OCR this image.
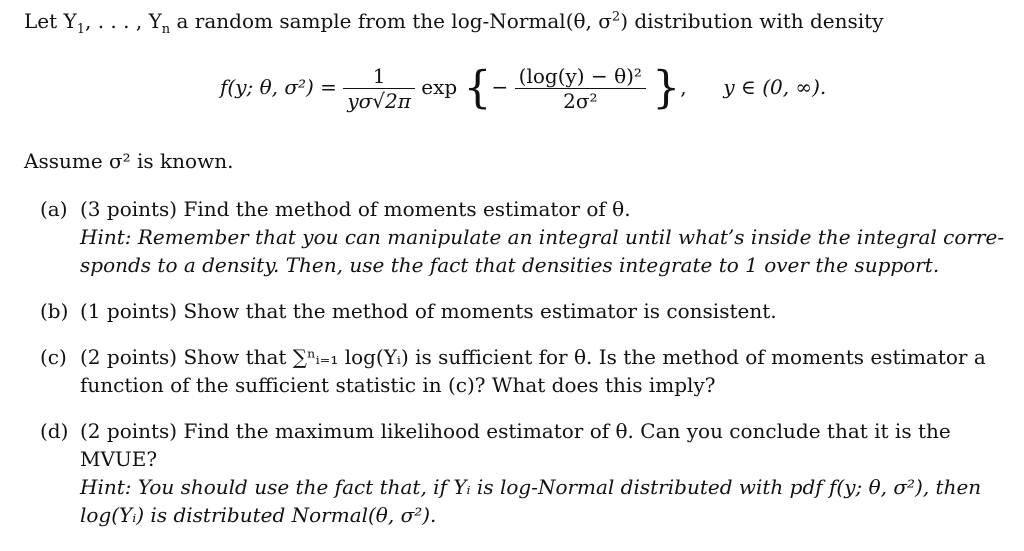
Let $Y_1$, . . . , $Y_n$ a random sample from the log-Normal(θ, $\sigma^2$) distribution with density
f(y; θ, $\sigma^2) = \frac{1}{y\sigma√2\pi}$ exp {− $\frac{\text{(log(y) − θ)²}}{\text{2σ²}}$ }, y ∈ (0, ∞).
Assume σ² is known.
(a) (3 points) Find the method of moments estimator of θ.
Hint: Remember that you can manipulate an integral until what’s inside the integral corre-
sponds to a density. Then, use the fact that densities integrate to 1 over the support.
(b) (1 points) Show that the method of moments estimator is consistent.
(c) (2 points) Show that ∑ⁿᵢ₌₁ log(Yᵢ) is sufficient for θ. Is the method of moments estimator a
function of the sufficient statistic in (c)? What does this imply?
(d) (2 points) Find the maximum likelihood estimator of θ. Can you conclude that it is the
MVUE?
Hint: You should use the fact that, if Yᵢ is log-Normal distributed with pdf f(y; θ, σ²), then
log(Yᵢ) is distributed Normal(θ, σ²).
